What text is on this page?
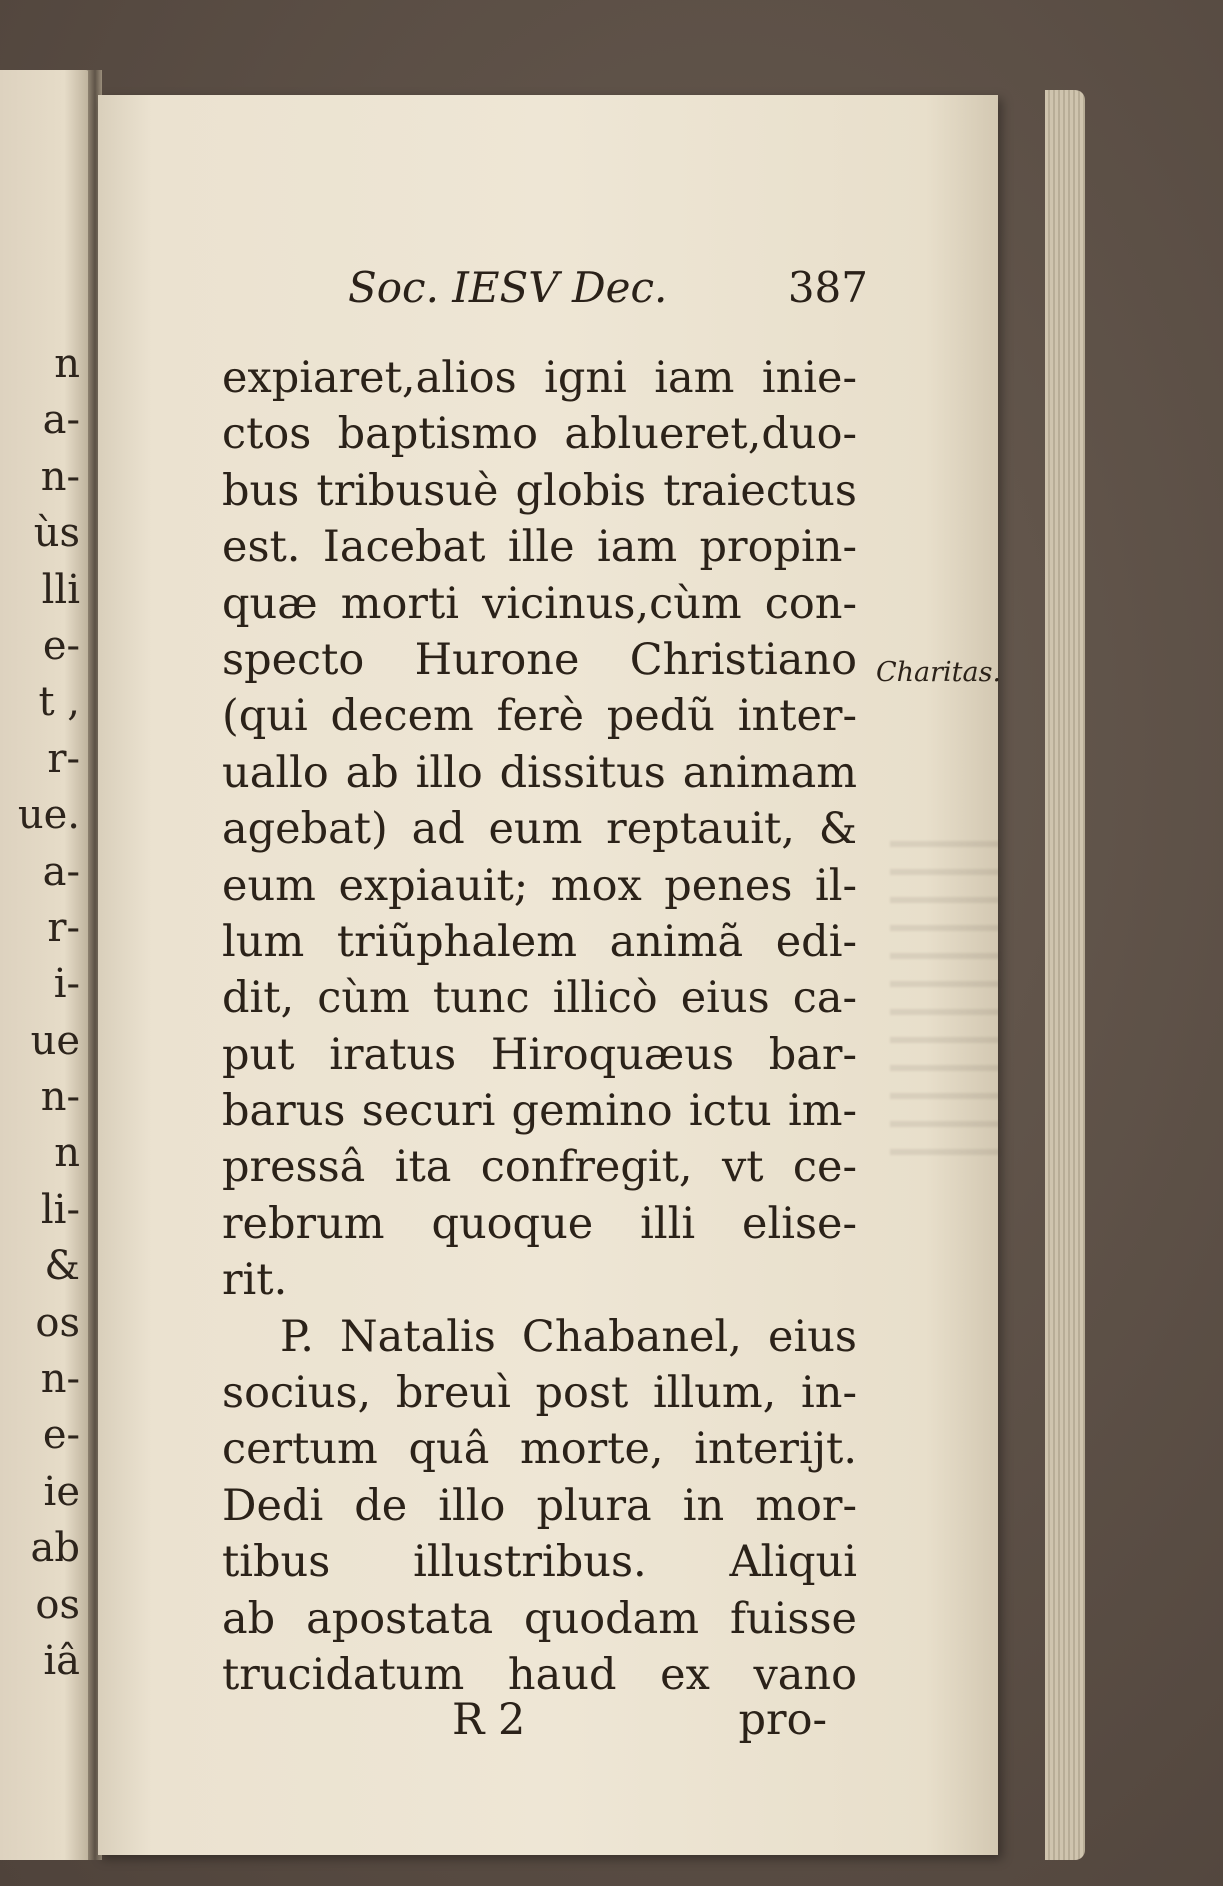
n
a-
n-
ùs
lli
e-
t ,
r-
ue.
a-
r-
i-
ue
n-
n
li-
&
os
n-
e-
ie
ab
os
iâ
Soc. IESV Dec.	387
expiaret,alios igni iam inie-
ctos baptismo ablueret,duo-
bus tribusuè globis traiectus
est. Iacebat ille iam propin-
quæ morti vicinus,cùm con-
specto Hurone Christiano
(qui decem ferè pedũ inter-
uallo ab illo dissitus animam
agebat) ad eum reptauit, &
eum expiauit; mox penes il-
lum triũphalem animã edi-
dit, cùm tunc illicò eius ca-
put iratus Hiroquæus bar-
barus securi gemino ictu im-
pressâ ita confregit, vt ce-
rebrum quoque illi elise-
rit.
P. Natalis Chabanel, eius
socius, breuì post illum, in-
certum quâ morte, interijt.
Dedi de illo plura in mor-
tibus illustribus. Aliqui
ab apostata quodam fuisse
trucidatum haud ex vano
Charitas.
R 2	pro-
